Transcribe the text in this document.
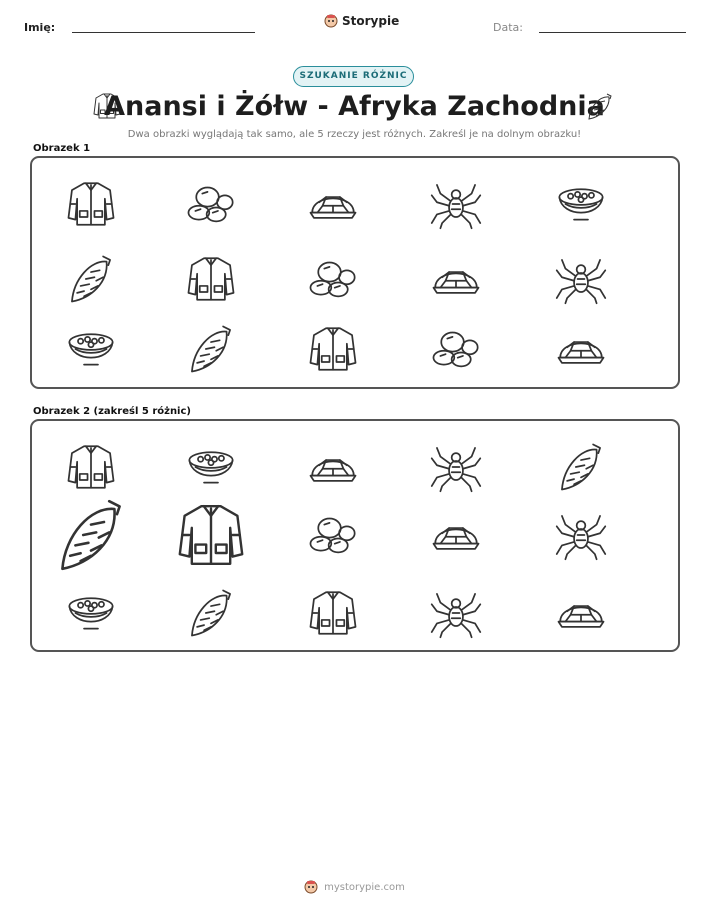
Imię:	Storypie	Data:
SZUKANIE RÓŻNIC
Anansi i Żółw - Afryka Zachodnia
Dwa obrazki wyglądają tak samo, ale 5 rzeczy jest różnych. Zakreśl je na dolnym obrazku!
Obrazek 1
Obrazek 2 (zakreśl 5 różnic)
mystorypie.com
